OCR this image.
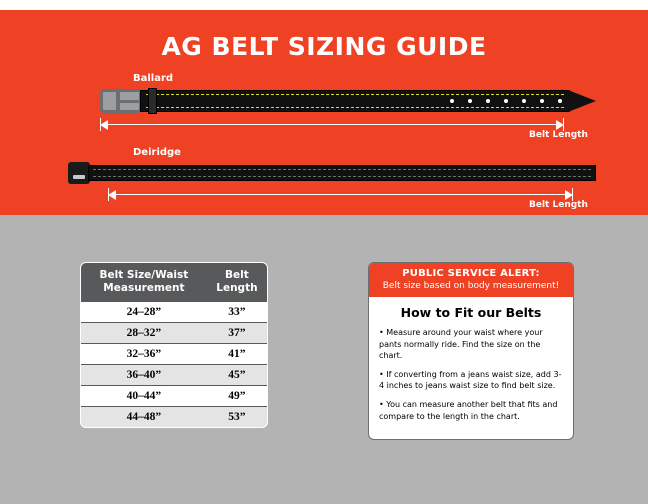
AG BELT SIZING GUIDE
Ballard
Belt Length
Deiridge
Belt Length
Belt Size/Waist Measurement	Belt Length
24–28”	33”
28–32”	37”
32–36”	41”
36–40”	45”
40–44”	49”
44–48”	53”
PUBLIC SERVICE ALERT:
Belt size based on body measurement!
How to Fit our Belts
• Measure around your waist where your pants normally ride. Find the size on the chart.
• If converting from a jeans waist size, add 3-4 inches to jeans waist size to find belt size.
• You can measure another belt that fits and compare to the length in the chart.
